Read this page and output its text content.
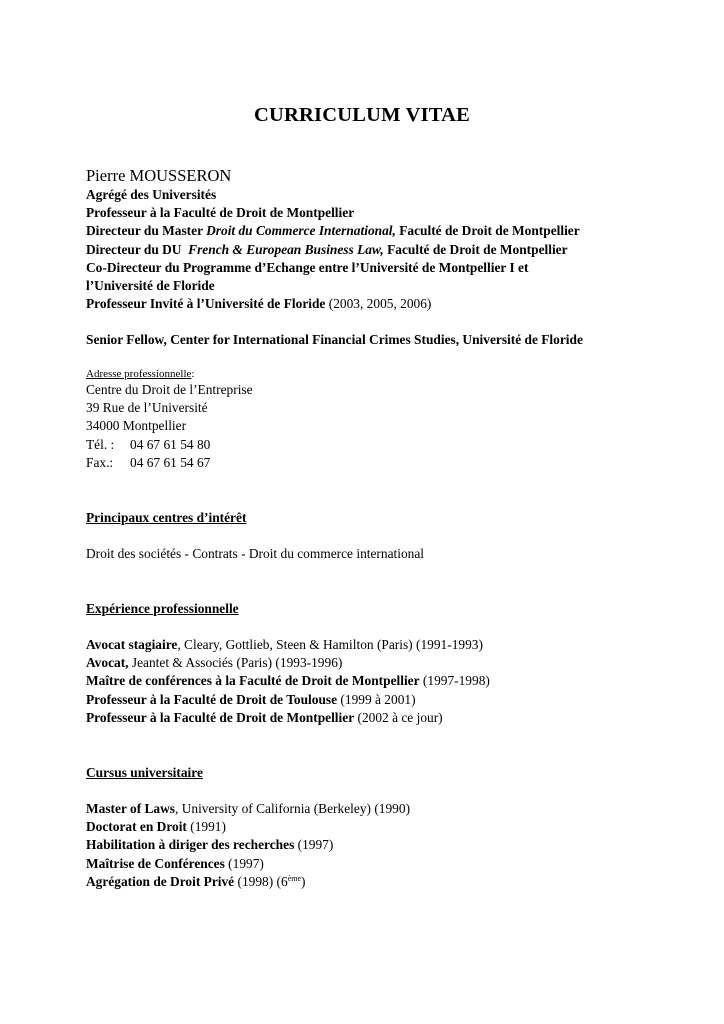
CURRICULUM VITAE
Pierre MOUSSERON
Agrégé des Universités
Professeur à la Faculté de Droit de Montpellier
Directeur du Master Droit du Commerce International, Faculté de Droit de Montpellier
Directeur du DU  French & European Business Law, Faculté de Droit de Montpellier
Co-Directeur du Programme d’Echange entre l’Université de Montpellier I et
l’Université de Floride
Professeur Invité à l’Université de Floride (2003, 2005, 2006)
Senior Fellow, Center for International Financial Crimes Studies, Université de Floride
Adresse professionnelle:
Centre du Droit de l’Entreprise
39 Rue de l’Université
34000 Montpellier
Tél. : 04 67 61 54 80
Fax.: 04 67 61 54 67
Principaux centres d’intérêt
Droit des sociétés - Contrats - Droit du commerce international
Expérience professionnelle
Avocat stagiaire, Cleary, Gottlieb, Steen & Hamilton (Paris) (1991-1993)
Avocat, Jeantet & Associés (Paris) (1993-1996)
Maître de conférences à la Faculté de Droit de Montpellier (1997-1998)
Professeur à la Faculté de Droit de Toulouse (1999 à 2001)
Professeur à la Faculté de Droit de Montpellier (2002 à ce jour)
Cursus universitaire
Master of Laws, University of California (Berkeley) (1990)
Doctorat en Droit (1991)
Habilitation à diriger des recherches (1997)
Maîtrise de Conférences (1997)
Agrégation de Droit Privé (1998) (6ème)
